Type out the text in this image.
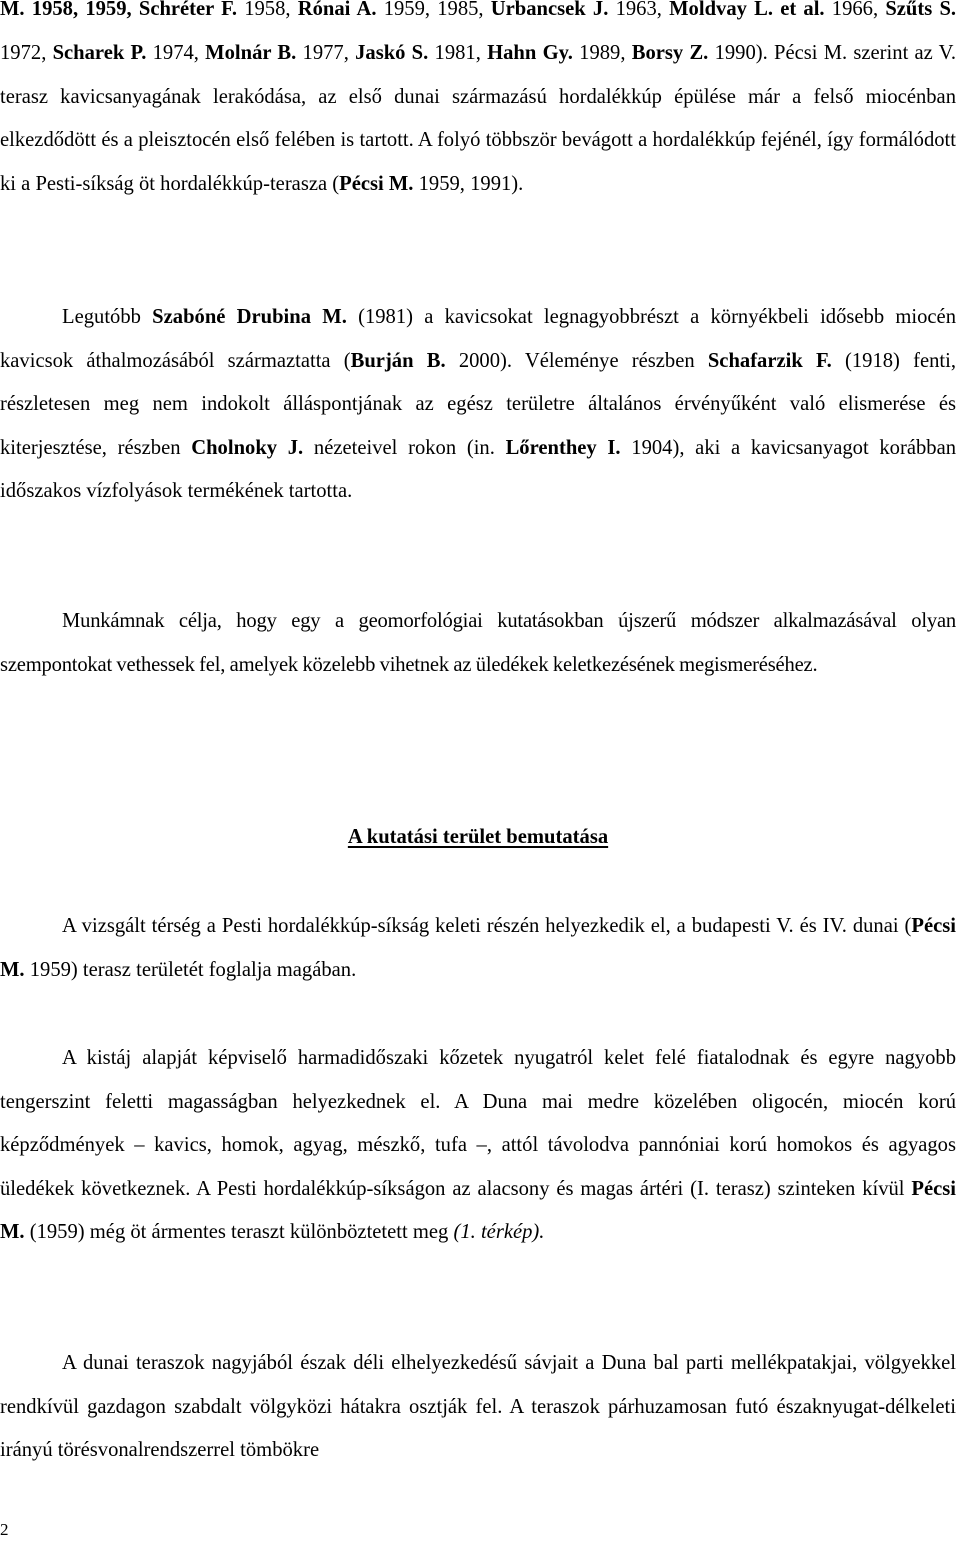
M. 1958, 1959, Schréter F. 1958, Rónai A. 1959, 1985, Urbancsek J. 1963, Moldvay L. et al. 1966, Szűts S. 1972, Scharek P. 1974, Molnár B. 1977, Jaskó S. 1981, Hahn Gy. 1989, Borsy Z. 1990). Pécsi M. szerint az V. terasz kavicsanyagának lerakódása, az első dunai származású hordalékkúp épülése már a felső miocénban elkezdődött és a pleisztocén első felében is tartott. A folyó többször bevágott a hordalékkúp fejénél, így formálódott ki a Pesti-síkság öt hordalékkúp-terasza (Pécsi M. 1959, 1991).

Legutóbb Szabóné Drubina M. (1981) a kavicsokat legnagyobbrészt a környékbeli idősebb miocén kavicsok áthalmozásából származtatta (Burján B. 2000). Véleménye részben Schafarzik F. (1918) fenti, részletesen meg nem indokolt álláspontjának az egész területre általános érvényűként való elismerése és kiterjesztése, részben Cholnoky J. nézeteivel rokon (in. Lőrenthey I. 1904), aki a kavicsanyagot korábban időszakos vízfolyások termékének tartotta.

Munkámnak célja, hogy egy a geomorfológiai kutatásokban újszerű módszer alkalmazásával olyan szempontokat vethessek fel, amelyek közelebb vihetnek az üledékek keletkezésének megismeréséhez.

A kutatási terület bemutatása

A vizsgált térség a Pesti hordalékkúp-síkság keleti részén helyezkedik el, a budapesti V. és IV. dunai (Pécsi M. 1959) terasz területét foglalja magában.

A kistáj alapját képviselő harmadidőszaki kőzetek nyugatról kelet felé fiatalodnak és egyre nagyobb tengerszint feletti magasságban helyezkednek el. A Duna mai medre közelében oligocén, miocén korú képződmények – kavics, homok, agyag, mészkő, tufa –, attól távolodva pannóniai korú homokos és agyagos üledékek következnek. A Pesti hordalékkúp-síkságon az alacsony és magas ártéri (I. terasz) szinteken kívül Pécsi M. (1959) még öt ármentes teraszt különböztetett meg (1. térkép).

A dunai teraszok nagyjából észak déli elhelyezkedésű sávjait a Duna bal parti mellékpatakjai, völgyekkel rendkívül gazdagon szabdalt völgyközi hátakra osztják fel. A teraszok párhuzamosan futó északnyugat-délkeleti irányú törésvonalrendszerrel tömbökre

2
